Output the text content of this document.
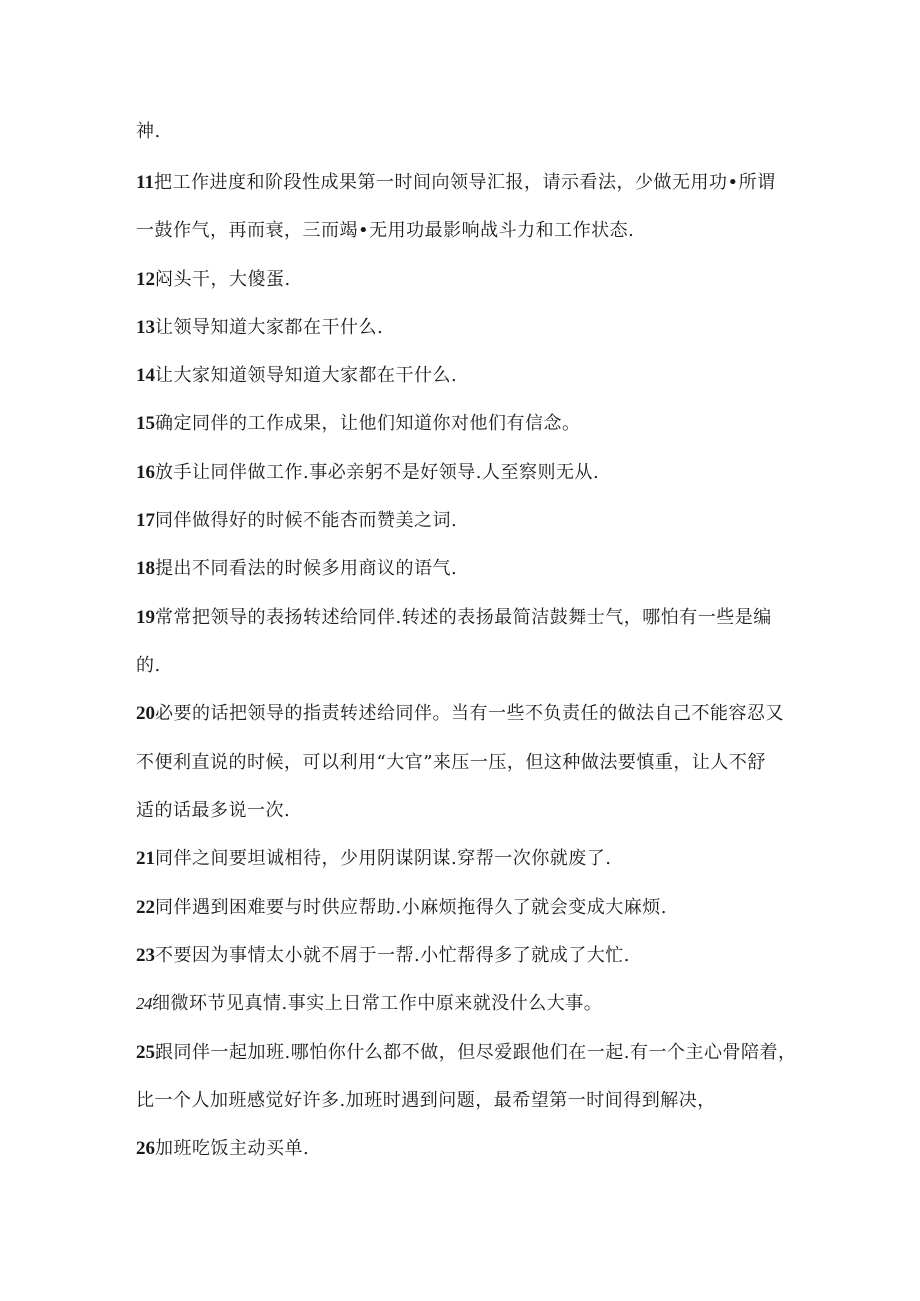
神.
11把工作进度和阶段性成果第一时间向领导汇报，请示看法，少做无用功•所谓
一鼓作气，再而衰，三而竭•无用功最影响战斗力和工作状态.
12闷头干，大傻蛋.
13让领导知道大家都在干什么.
14让大家知道领导知道大家都在干什么.
15确定同伴的工作成果，让他们知道你对他们有信念。
16放手让同伴做工作.事必亲躬不是好领导.人至察则无从.
17同伴做得好的时候不能杏而赞美之词.
18提出不同看法的时候多用商议的语气.
19常常把领导的表扬转述给同伴.转述的表扬最简洁鼓舞士气，哪怕有一些是编
的.
20必要的话把领导的指责转述给同伴。当有一些不负责任的做法自己不能容忍又
不便利直说的时候，可以利用“大官”来压一压，但这种做法要慎重，让人不舒
适的话最多说一次.
21同伴之间要坦诚相待，少用阴谋阴谋.穿帮一次你就废了.
22同伴遇到困难要与时供应帮助.小麻烦拖得久了就会变成大麻烦.
23不要因为事情太小就不屑于一帮.小忙帮得多了就成了大忙.
24细微环节见真情.事实上日常工作中原来就没什么大事。
25跟同伴一起加班.哪怕你什么都不做，但尽爱跟他们在一起.有一个主心骨陪着，
比一个人加班感觉好许多.加班时遇到问题，最希望第一时间得到解决，
26加班吃饭主动买单.
